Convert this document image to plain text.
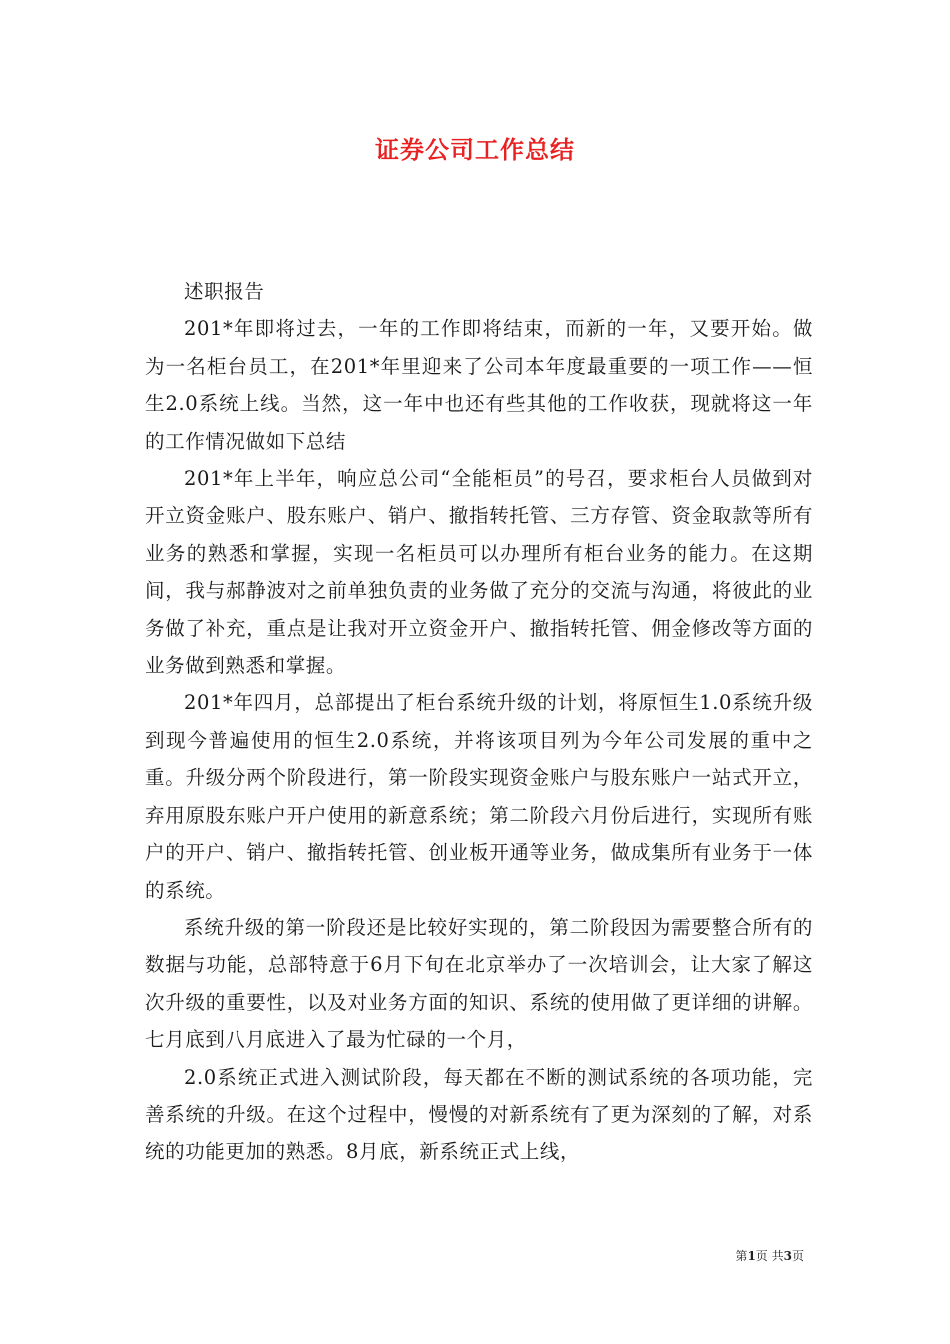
证券公司工作总结

述职报告

201*年即将过去，一年的工作即将结束，而新的一年，又要开始。做为一名柜台员工，在201*年里迎来了公司本年度最重要的一项工作——恒生2.0系统上线。当然，这一年中也还有些其他的工作收获，现就将这一年的工作情况做如下总结

201*年上半年，响应总公司“全能柜员”的号召，要求柜台人员做到对开立资金账户、股东账户、销户、撤指转托管、三方存管、资金取款等所有业务的熟悉和掌握，实现一名柜员可以办理所有柜台业务的能力。在这期间，我与郝静波对之前单独负责的业务做了充分的交流与沟通，将彼此的业务做了补充，重点是让我对开立资金开户、撤指转托管、佣金修改等方面的业务做到熟悉和掌握。

201*年四月，总部提出了柜台系统升级的计划，将原恒生1.0系统升级到现今普遍使用的恒生2.0系统，并将该项目列为今年公司发展的重中之重。升级分两个阶段进行，第一阶段实现资金账户与股东账户一站式开立，弃用原股东账户开户使用的新意系统；第二阶段六月份后进行，实现所有账户的开户、销户、撤指转托管、创业板开通等业务，做成集所有业务于一体的系统。

系统升级的第一阶段还是比较好实现的，第二阶段因为需要整合所有的数据与功能，总部特意于6月下旬在北京举办了一次培训会，让大家了解这次升级的重要性，以及对业务方面的知识、系统的使用做了更详细的讲解。七月底到八月底进入了最为忙碌的一个月，

2.0系统正式进入测试阶段，每天都在不断的测试系统的各项功能，完善系统的升级。在这个过程中，慢慢的对新系统有了更为深刻的了解，对系统的功能更加的熟悉。8月底，新系统正式上线，

第1页 共3页
